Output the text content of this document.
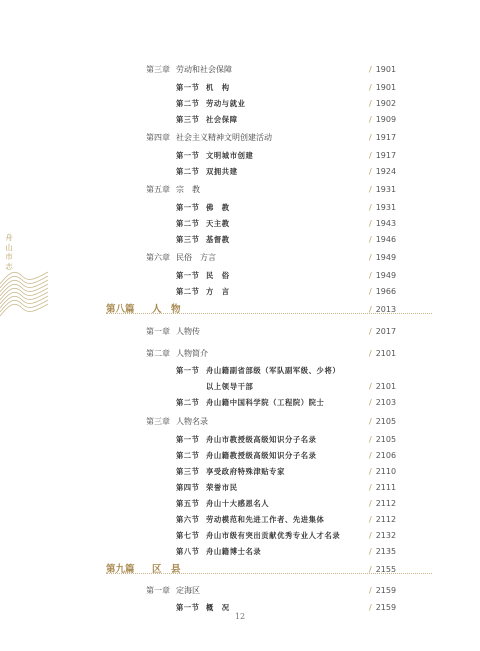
舟山市志
第三章 劳动和社会保障	/ 1901
第一节 机　构	/ 1901
第二节 劳动与就业	/ 1902
第三节 社会保障	/ 1909
第四章 社会主义精神文明创建活动	/ 1917
第一节 文明城市创建	/ 1917
第二节 双拥共建	/ 1924
第五章 宗　教	/ 1931
第一节 佛　教	/ 1931
第二节 天主教	/ 1943
第三节 基督教	/ 1946
第六章 民俗　方言	/ 1949
第一节 民　俗	/ 1949
第二节 方　言	/ 1966
第八篇 人　物	/ 2013
第一章 人物传	/ 2017
第二章 人物简介	/ 2101
第一节 舟山籍副省部级（军队副军级、少将）
以上领导干部	/ 2101
第二节 舟山籍中国科学院（工程院）院士	/ 2103
第三章 人物名录	/ 2105
第一节 舟山市教授级高级知识分子名录	/ 2105
第二节 舟山籍教授级高级知识分子名录	/ 2106
第三节 享受政府特殊津贴专家	/ 2110
第四节 荣誉市民	/ 2111
第五节 舟山十大感恩名人	/ 2112
第六节 劳动模范和先进工作者、先进集体	/ 2112
第七节 舟山市级有突出贡献优秀专业人才名录	/ 2132
第八节 舟山籍博士名录	/ 2135
第九篇 区　县	/ 2155
第一章 定海区	/ 2159
第一节 概　况	/ 2159
12
